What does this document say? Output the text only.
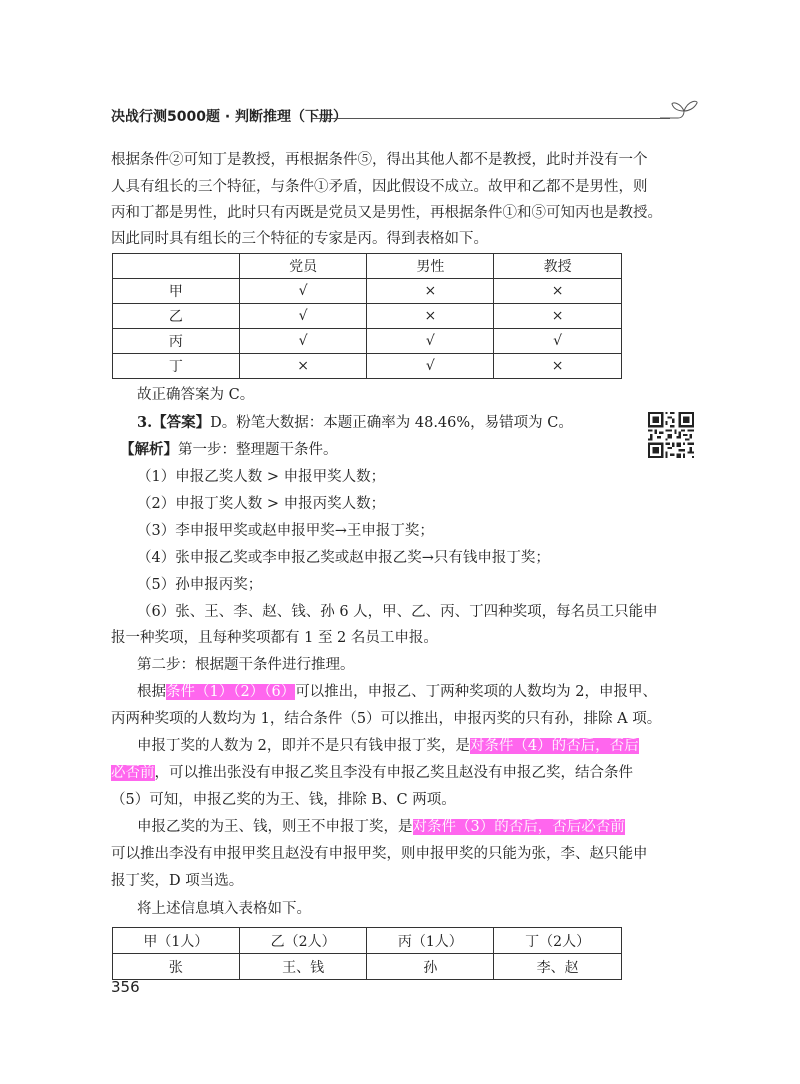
决战行测5000题 · 判断推理（下册）
根据条件②可知丁是教授，再根据条件⑤，得出其他人都不是教授，此时并没有一个
人具有组长的三个特征，与条件①矛盾，因此假设不成立。故甲和乙都不是男性，则
丙和丁都是男性，此时只有丙既是党员又是男性，再根据条件①和⑤可知丙也是教授。
因此同时具有组长的三个特征的专家是丙。得到表格如下。
	党员	男性	教授
甲	√	×	×
乙	√	×	×
丙	√	√	√
丁	×	√	×
故正确答案为 C。
3.【答案】D。粉笔大数据：本题正确率为 48.46%，易错项为 C。
【解析】第一步：整理题干条件。
（1）申报乙奖人数 > 申报甲奖人数；
（2）申报丁奖人数 > 申报丙奖人数；
（3）李申报甲奖或赵申报甲奖→王申报丁奖；
（4）张申报乙奖或李申报乙奖或赵申报乙奖→只有钱申报丁奖；
（5）孙申报丙奖；
（6）张、王、李、赵、钱、孙 6 人，甲、乙、丙、丁四种奖项，每名员工只能申
报一种奖项，且每种奖项都有 1 至 2 名员工申报。
第二步：根据题干条件进行推理。
根据条件（1）（2）（6）可以推出，申报乙、丁两种奖项的人数均为 2，申报甲、
丙两种奖项的人数均为 1，结合条件（5）可以推出，申报丙奖的只有孙，排除 A 项。
申报丁奖的人数为 2，即并不是只有钱申报丁奖，是对条件（4）的否后，否后
必否前，可以推出张没有申报乙奖且李没有申报乙奖且赵没有申报乙奖，结合条件
（5）可知，申报乙奖的为王、钱，排除 B、C 两项。
申报乙奖的为王、钱，则王不申报丁奖，是对条件（3）的否后，否后必否前
可以推出李没有申报甲奖且赵没有申报甲奖，则申报甲奖的只能为张，李、赵只能申
报丁奖，D 项当选。
将上述信息填入表格如下。
甲（1人）	乙（2人）	丙（1人）	丁（2人）
张	王、钱	孙	李、赵
356
